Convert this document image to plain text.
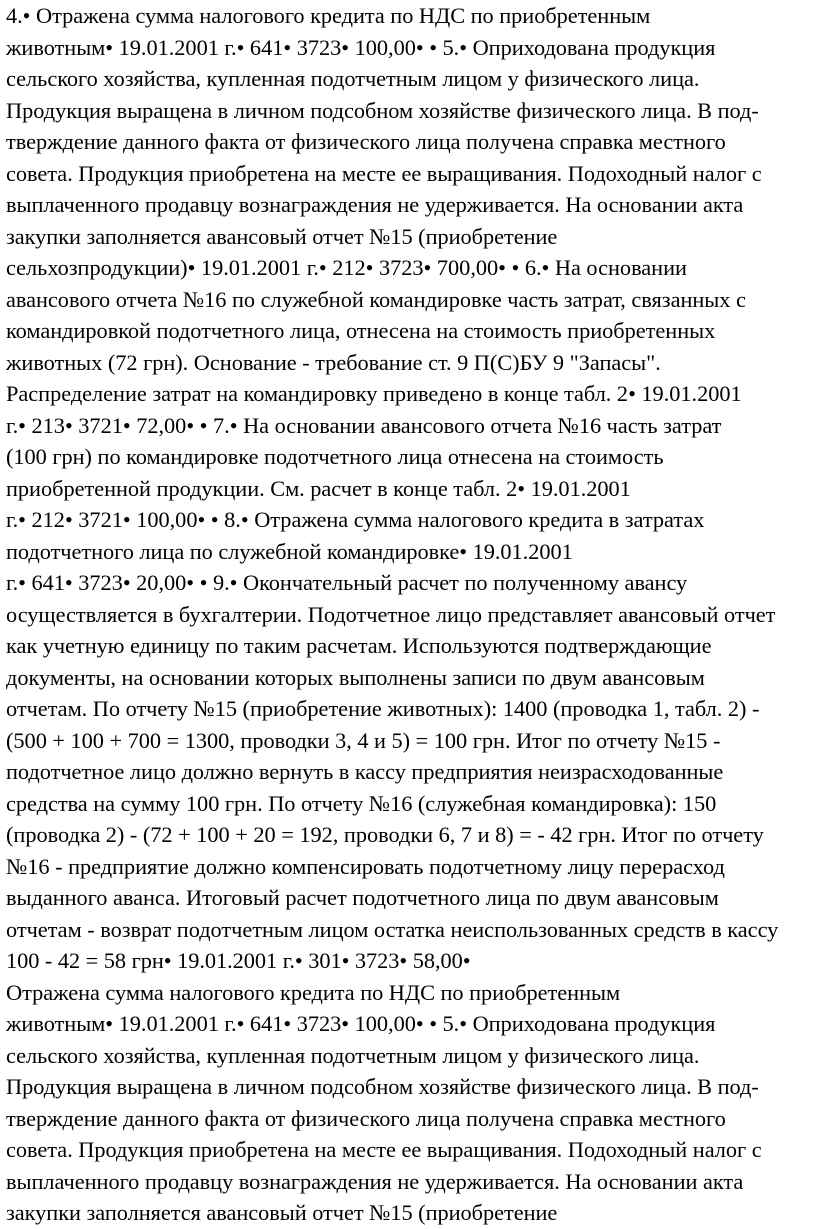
4.• Отражена сумма налогового кредита по НДС по приобретенным
животным• 19.01.2001 г.• 641• 3723• 100,00• • 5.• Оприходована продукция
сельского хозяйства, купленная подотчетным лицом у физического лица.
Продукция выращена в личном подсобном хозяйстве физического лица. В под-
тверждение данного факта от физического лица получена справка местного
совета. Продукция приобретена на месте ее выращивания. Подоходный налог с
выплаченного продавцу вознаграждения не удерживается. На основании акта
закупки заполняется авансовый отчет №15 (приобретение
сельхозпродукции)• 19.01.2001 г.• 212• 3723• 700,00• • 6.• На основании
авансового отчета №16 по служебной командировке часть затрат, связанных с
командировкой подотчетного лица, отнесена на стоимость приобретенных
животных (72 грн). Основание - требование ст. 9 П(С)БУ 9 "Запасы".
Распределение затрат на командировку приведено в конце табл. 2• 19.01.2001
г.• 213• 3721• 72,00• • 7.• На основании авансового отчета №16 часть затрат
(100 грн) по командировке подотчетного лица отнесена на стоимость
приобретенной продукции. См. расчет в конце табл. 2• 19.01.2001
г.• 212• 3721• 100,00• • 8.• Отражена сумма налогового кредита в затратах
подотчетного лица по служебной командировке• 19.01.2001
г.• 641• 3723• 20,00• • 9.• Окончательный расчет по полученному авансу
осуществляется в бухгалтерии. Подотчетное лицо представляет авансовый отчет
как учетную единицу по таким расчетам. Используются подтверждающие
документы, на основании которых выполнены записи по двум авансовым
отчетам. По отчету №15 (приобретение животных): 1400 (проводка 1, табл. 2) -
(500 + 100 + 700 = 1300, проводки 3, 4 и 5) = 100 грн. Итог по отчету №15 -
подотчетное лицо должно вернуть в кассу предприятия неизрасходованные
средства на сумму 100 грн. По отчету №16 (служебная командировка): 150
(проводка 2) - (72 + 100 + 20 = 192, проводки 6, 7 и 8) = - 42 грн. Итог по отчету
№16 - предприятие должно компенсировать подотчетному лицу перерасход
выданного аванса. Итоговый расчет подотчетного лица по двум авансовым
отчетам - возврат подотчетным лицом остатка неиспользованных средств в кассу
100 - 42 = 58 грн• 19.01.2001 г.• 301• 3723• 58,00•
Отражена сумма налогового кредита по НДС по приобретенным
животным• 19.01.2001 г.• 641• 3723• 100,00• • 5.• Оприходована продукция
сельского хозяйства, купленная подотчетным лицом у физического лица.
Продукция выращена в личном подсобном хозяйстве физического лица. В под-
тверждение данного факта от физического лица получена справка местного
совета. Продукция приобретена на месте ее выращивания. Подоходный налог с
выплаченного продавцу вознаграждения не удерживается. На основании акта
закупки заполняется авансовый отчет №15 (приобретение
